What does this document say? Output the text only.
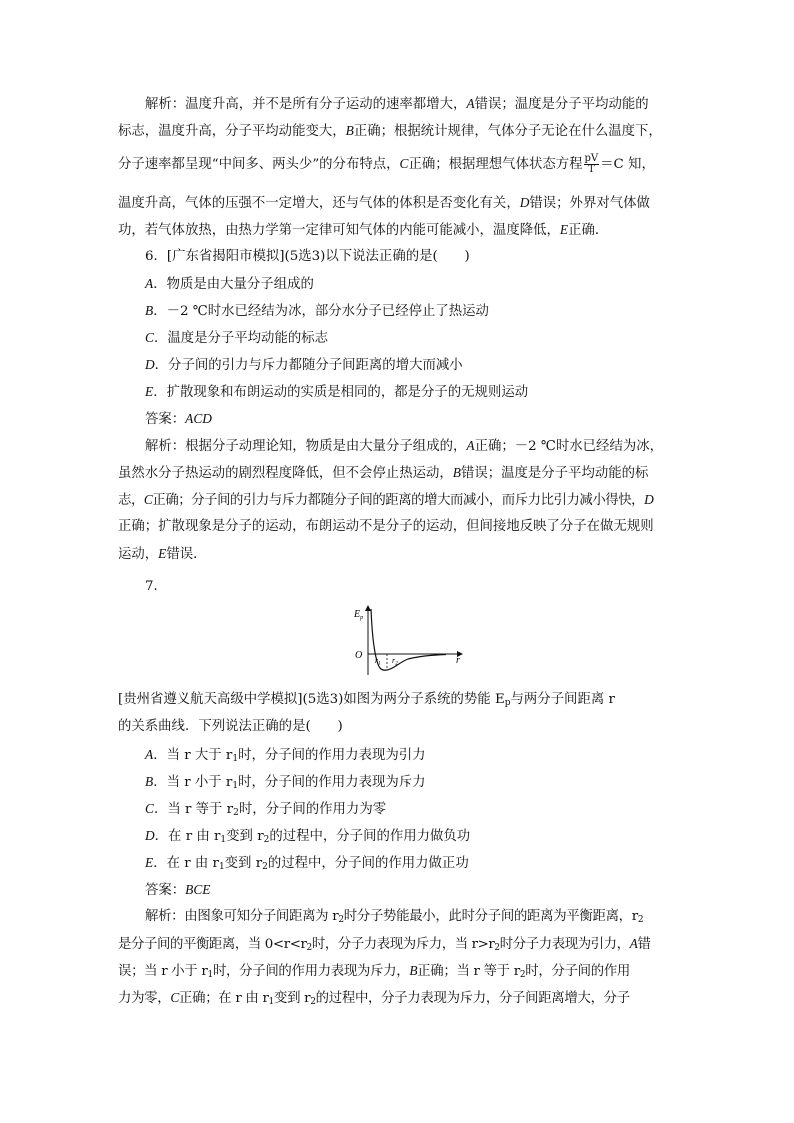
解析：温度升高，并不是所有分子运动的速率都增大，A错误；温度是分子平均动能的
标志，温度升高，分子平均动能变大，B正确；根据统计规律，气体分子无论在什么温度下，
分子速率都呈现“中间多、两头少”的分布特点，C正确；根据理想气体状态方程 $\frac{pV}{T} =C$ 知，
温度升高，气体的压强不一定增大，还与气体的体积是否变化有关，D错误；外界对气体做
功，若气体放热，由热力学第一定律可知气体的内能可能减小，温度降低，E正确．
6．[广东省揭阳市模拟](5选3)以下说法正确的是(　　)
A．物质是由大量分子组成的
B．－2 ℃时水已经结为冰，部分水分子已经停止了热运动
C．温度是分子平均动能的标志
D．分子间的引力与斥力都随分子间距离的增大而减小
E．扩散现象和布朗运动的实质是相同的，都是分子的无规则运动
答案：ACD
解析：根据分子动理论知，物质是由大量分子组成的，A正确；－2 ℃时水已经结为冰，
虽然水分子热运动的剧烈程度降低，但不会停止热运动，B错误；温度是分子平均动能的标
志，C正确；分子间的引力与斥力都随分子间的距离的增大而减小，而斥力比引力减小得快，D
正确；扩散现象是分子的运动，布朗运动不是分子的运动，但间接地反映了分子在做无规则
运动，E错误．
7．
$E_p$
O	r
r1 r2
[贵州省遵义航天高级中学模拟](5选3)如图为两分子系统的势能 $E_p$与两分子间距离 r
的关系曲线．下列说法正确的是(　　)
A．当 r 大于 $r_1$时，分子间的作用力表现为引力
B．当 r 小于 $r_1$时，分子间的作用力表现为斥力
C．当 r 等于 $r_2$时，分子间的作用力为零
D．在 r 由 $r_1$变到 $r_2$的过程中，分子间的作用力做负功
E．在 r 由 $r_1$变到 $r_2$的过程中，分子间的作用力做正功
答案：BCE
解析：由图象可知分子间距离为 $r_2$时分子势能最小，此时分子间的距离为平衡距离，$r_2$
是分子间的平衡距离，当 $0<r<r_2$时，分子力表现为斥力，当 $r>r_2$时分子力表现为引力，A错
误；当 r 小于 $r_1$时，分子间的作用力表现为斥力，B正确；当 r 等于 $r_2$时，分子间的作用
力为零，C正确；在 r 由 $r_1$变到 $r_2$的过程中，分子力表现为斥力，分子间距离增大，分子
